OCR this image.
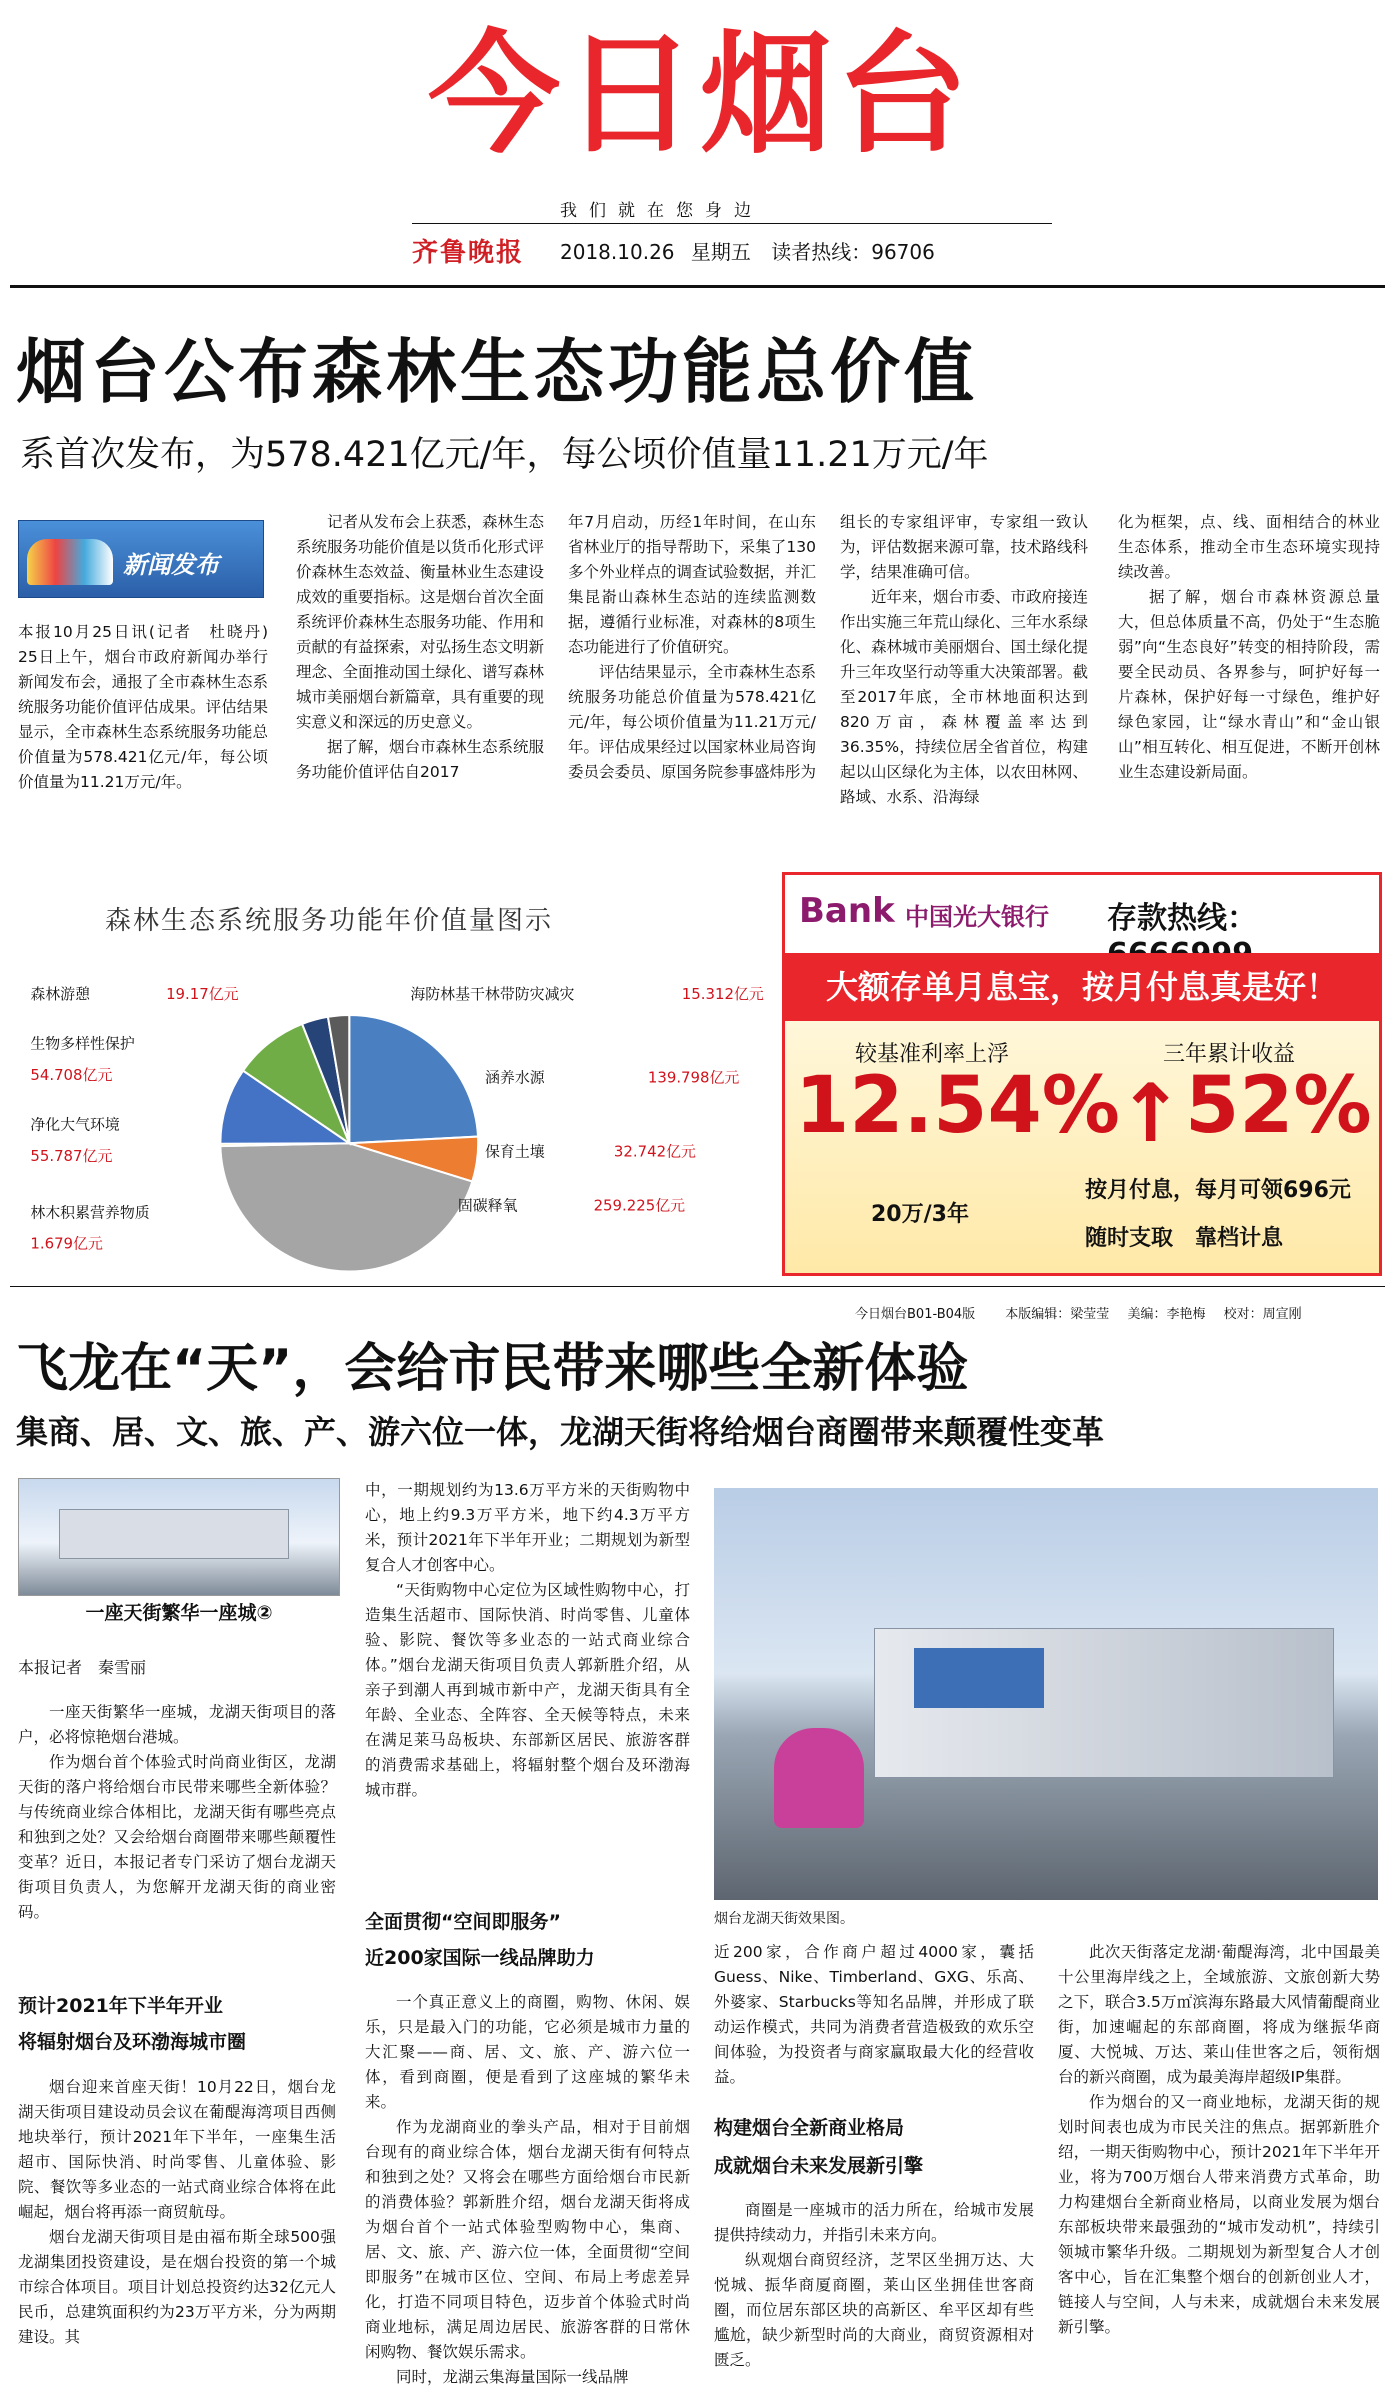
今日烟台
我们就在您身边
齐鲁晚报 2018.10.26 星期五 读者热线：96706
烟台公布森林生态功能总价值
系首次发布，为578.421亿元/年，每公顷价值量11.21万元/年
新闻发布

本报10月25日讯(记者　杜晓丹)　25日上午，烟台市政府新闻办举行新闻发布会，通报了全市森林生态系统服务功能价值评估成果。评估结果显示，全市森林生态系统服务功能总价值量为578.421亿元/年，每公顷价值量为11.21万元/年。

记者从发布会上获悉，森林生态系统服务功能价值是以货币化形式评价森林生态效益、衡量林业生态建设成效的重要指标。这是烟台首次全面系统评价森林生态服务功能、作用和贡献的有益探索，对弘扬生态文明新理念、全面推动国土绿化、谱写森林城市美丽烟台新篇章，具有重要的现实意义和深远的历史意义。

据了解，烟台市森林生态系统服务功能价值评估自2017

年7月启动，历经1年时间，在山东省林业厅的指导帮助下，采集了130多个外业样点的调查试验数据，并汇集昆嵛山森林生态站的连续监测数据，遵循行业标准，对森林的8项生态功能进行了价值研究。

评估结果显示，全市森林生态系统服务功能总价值量为578.421亿元/年，每公顷价值量为11.21万元/年。评估成果经过以国家林业局咨询委员会委员、原国务院参事盛炜彤为

组长的专家组评审，专家组一致认为，评估数据来源可靠，技术路线科学，结果准确可信。

近年来，烟台市委、市政府接连作出实施三年荒山绿化、三年水系绿化、森林城市美丽烟台、国土绿化提升三年攻坚行动等重大决策部署。截至2017年底，全市林地面积达到820万亩，森林覆盖率达到36.35%，持续位居全省首位，构建起以山区绿化为主体，以农田林网、路域、水系、沿海绿

化为框架，点、线、面相结合的林业生态体系，推动全市生态环境实现持续改善。

据了解，烟台市森林资源总量大，但总体质量不高，仍处于“生态脆弱”向“生态良好”转变的相持阶段，需要全民动员、各界参与，呵护好每一片森林，保护好每一寸绿色，维护好绿色家园，让“绿水青山”和“金山银山”相互转化、相互促进，不断开创林业生态建设新局面。

森林生态系统服务功能年价值量图示
涵养水源	139.798亿元
保育土壤	32.742亿元
固碳释氧	259.225亿元
林木积累营养物质
1.679亿元
净化大气环境
55.787亿元
生物多样性保护
54.708亿元
森林游憩	19.17亿元	海防林基干林带防灾减灾	15.312亿元
Bank 中国光大银行 存款热线：
大额存单月息宝，按月付息真是好！
较基准利率上浮	三年累计收益
12.54%
↑ 52%
20万/3年
按月付息，每月可领696元
随时支取　靠档计息
今日烟台B01-B04版 本版编辑：梁莹莹 美编：李艳梅 校对：周宣刚
飞龙在“天”，会给市民带来哪些全新体验
集商、居、文、旅、产、游六位一体，龙湖天街将给烟台商圈带来颠覆性变革
一座天街繁华一座城②
本报记者　秦雪丽

一座天街繁华一座城，龙湖天街项目的落户，必将惊艳烟台港城。

作为烟台首个体验式时尚商业街区，龙湖天街的落户将给烟台市民带来哪些全新体验？与传统商业综合体相比，龙湖天街有哪些亮点和独到之处？又会给烟台商圈带来哪些颠覆性变革？近日，本报记者专门采访了烟台龙湖天街项目负责人，为您解开龙湖天街的商业密码。

预计2021年下半年开业
将辐射烟台及环渤海城市圈

烟台迎来首座天街！10月22日，烟台龙湖天街项目建设动员会议在葡醍海湾项目西侧地块举行，预计2021年下半年，一座集生活超市、国际快消、时尚零售、儿童体验、影院、餐饮等多业态的一站式商业综合体将在此崛起，烟台将再添一商贸航母。

烟台龙湖天街项目是由福布斯全球500强龙湖集团投资建设，是在烟台投资的第一个城市综合体项目。项目计划总投资约达32亿元人民币，总建筑面积约为23万平方米，分为两期建设。其

中，一期规划约为13.6万平方米的天街购物中心，地上约9.3万平方米，地下约4.3万平方米，预计2021年下半年开业；二期规划为新型复合人才创客中心。

“天街购物中心定位为区域性购物中心，打造集生活超市、国际快消、时尚零售、儿童体验、影院、餐饮等多业态的一站式商业综合体。”烟台龙湖天街项目负责人郭新胜介绍，从亲子到潮人再到城市新中产，龙湖天街具有全年龄、全业态、全阵容、全天候等特点，未来在满足莱马岛板块、东部新区居民、旅游客群的消费需求基础上，将辐射整个烟台及环渤海城市群。

全面贯彻“空间即服务”
近200家国际一线品牌助力

一个真正意义上的商圈，购物、休闲、娱乐，只是最入门的功能，它必须是城市力量的大汇聚——商、居、文、旅、产、游六位一体，看到商圈，便是看到了这座城的繁华未来。

作为龙湖商业的拳头产品，相对于目前烟台现有的商业综合体，烟台龙湖天街有何特点和独到之处？又将会在哪些方面给烟台市民新的消费体验？郭新胜介绍，烟台龙湖天街将成为烟台首个一站式体验型购物中心，集商、居、文、旅、产、游六位一体，全面贯彻“空间即服务”在城市区位、空间、布局上考虑差异化，打造不同项目特色，迈步首个体验式时尚商业地标，满足周边居民、旅游客群的日常休闲购物、餐饮娱乐需求。

同时，龙湖云集海量国际一线品牌

烟台龙湖天街效果图。

近200家，合作商户超过4000家，囊括Guess、Nike、Timberland、GXG、乐高、外婆家、Starbucks等知名品牌，并形成了联动运作模式，共同为消费者营造极致的欢乐空间体验，为投资者与商家赢取最大化的经营收益。

构建烟台全新商业格局
成就烟台未来发展新引擎

商圈是一座城市的活力所在，给城市发展提供持续动力，并指引未来方向。

纵观烟台商贸经济，芝罘区坐拥万达、大悦城、振华商厦商圈，莱山区坐拥佳世客商圈，而位居东部区块的高新区、牟平区却有些尴尬，缺少新型时尚的大商业，商贸资源相对匮乏。

此次天街落定龙湖·葡醍海湾，北中国最美十公里海岸线之上，全域旅游、文旅创新大势之下，联合3.5万㎡滨海东路最大风情葡醍商业街，加速崛起的东部商圈，将成为继振华商厦、大悦城、万达、莱山佳世客之后，领衔烟台的新兴商圈，成为最美海岸超级IP集群。

作为烟台的又一商业地标，龙湖天街的规划时间表也成为市民关注的焦点。据郭新胜介绍，一期天街购物中心，预计2021年下半年开业，将为700万烟台人带来消费方式革命，助力构建烟台全新商业格局，以商业发展为烟台东部板块带来最强劲的“城市发动机”，持续引领城市繁华升级。二期规划为新型复合人才创客中心，旨在汇集整个烟台的创新创业人才，链接人与空间，人与未来，成就烟台未来发展新引擎。
